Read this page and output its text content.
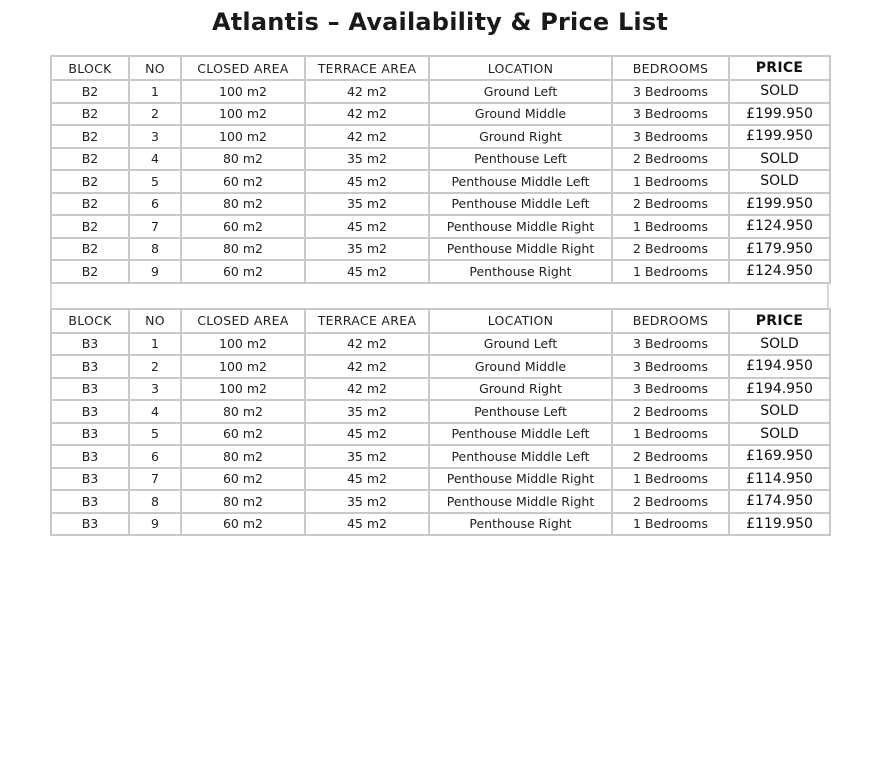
Atlantis – Availability & Price List
BLOCK	NO	CLOSED AREA	TERRACE AREA	LOCATION	BEDROOMS	PRICE
B2	1	100 m2	42 m2	Ground Left	3 Bedrooms	SOLD
B2	2	100 m2	42 m2	Ground Middle	3 Bedrooms	£199.950
B2	3	100 m2	42 m2	Ground Right	3 Bedrooms	£199.950
B2	4	80 m2	35 m2	Penthouse Left	2 Bedrooms	SOLD
B2	5	60 m2	45 m2	Penthouse Middle Left	1 Bedrooms	SOLD
B2	6	80 m2	35 m2	Penthouse Middle Left	2 Bedrooms	£199.950
B2	7	60 m2	45 m2	Penthouse Middle Right	1 Bedrooms	£124.950
B2	8	80 m2	35 m2	Penthouse Middle Right	2 Bedrooms	£179.950
B2	9	60 m2	45 m2	Penthouse Right	1 Bedrooms	£124.950
BLOCK	NO	CLOSED AREA	TERRACE AREA	LOCATION	BEDROOMS	PRICE
B3	1	100 m2	42 m2	Ground Left	3 Bedrooms	SOLD
B3	2	100 m2	42 m2	Ground Middle	3 Bedrooms	£194.950
B3	3	100 m2	42 m2	Ground Right	3 Bedrooms	£194.950
B3	4	80 m2	35 m2	Penthouse Left	2 Bedrooms	SOLD
B3	5	60 m2	45 m2	Penthouse Middle Left	1 Bedrooms	SOLD
B3	6	80 m2	35 m2	Penthouse Middle Left	2 Bedrooms	£169.950
B3	7	60 m2	45 m2	Penthouse Middle Right	1 Bedrooms	£114.950
B3	8	80 m2	35 m2	Penthouse Middle Right	2 Bedrooms	£174.950
B3	9	60 m2	45 m2	Penthouse Right	1 Bedrooms	£119.950
